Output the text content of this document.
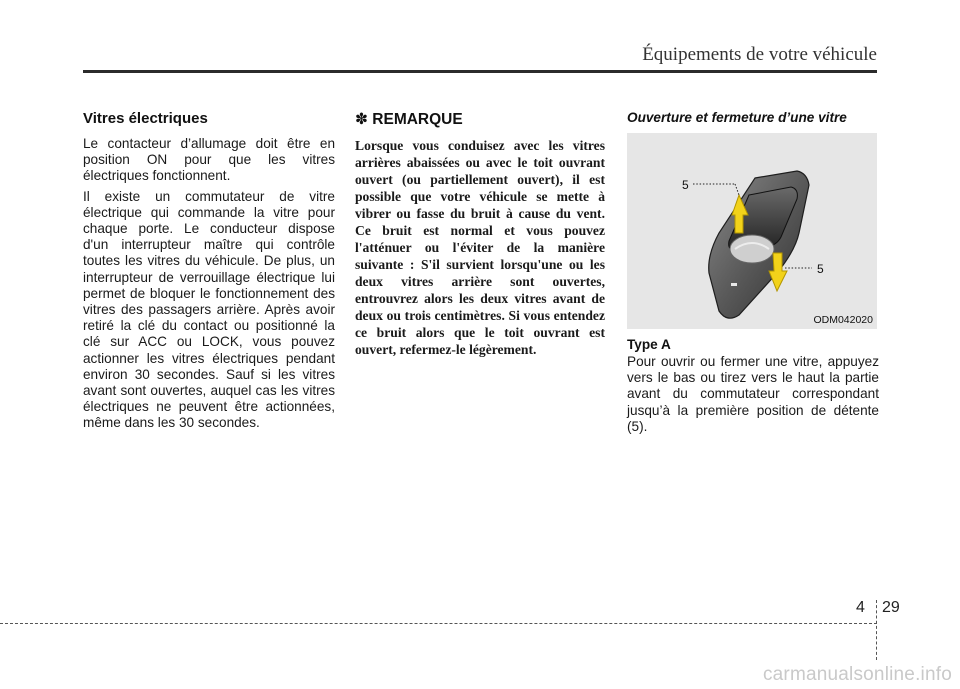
Équipements de votre véhicule
Vitres électriques

Le contacteur d’allumage doit être en position ON pour que les vitres électriques fonctionnent.

Il existe un commutateur de vitre électrique qui commande la vitre pour chaque porte. Le conducteur dispose d'un interrupteur maître qui contrôle toutes les vitres du véhicule. De plus, un interrupteur de verrouillage électrique lui permet de bloquer le fonctionnement des vitres des passagers arrière. Après avoir retiré la clé du contact ou positionné la clé sur ACC ou LOCK, vous pouvez actionner les vitres électriques pendant environ 30 secondes. Sauf si les vitres avant sont ouvertes, auquel cas les vitres électriques ne peuvent être actionnées, même dans les 30 secondes.

✽ REMARQUE

Lorsque vous conduisez avec les vitres arrières abaissées ou avec le toit ouvrant ouvert (ou partiellement ouvert), il est possible que votre véhicule se mette à vibrer ou fasse du bruit à cause du vent. Ce bruit est normal et vous pouvez l'atténuer ou l'éviter de la manière suivante : S'il survient lorsqu'une ou les deux vitres arrière sont ouvertes, entrouvrez alors les deux vitres avant de deux ou trois centimètres. Si vous entendez ce bruit alors que le toit ouvrant est ouvert, refermez-le légèrement.

Ouverture et fermeture d’une vitre
5
5
ODM042020
Type A

Pour ouvrir ou fermer une vitre, appuyez vers le bas ou tirez vers le haut la partie avant du commutateur correspondant jusqu’à la première position de détente (5).

4 29
carmanualsonline.info
